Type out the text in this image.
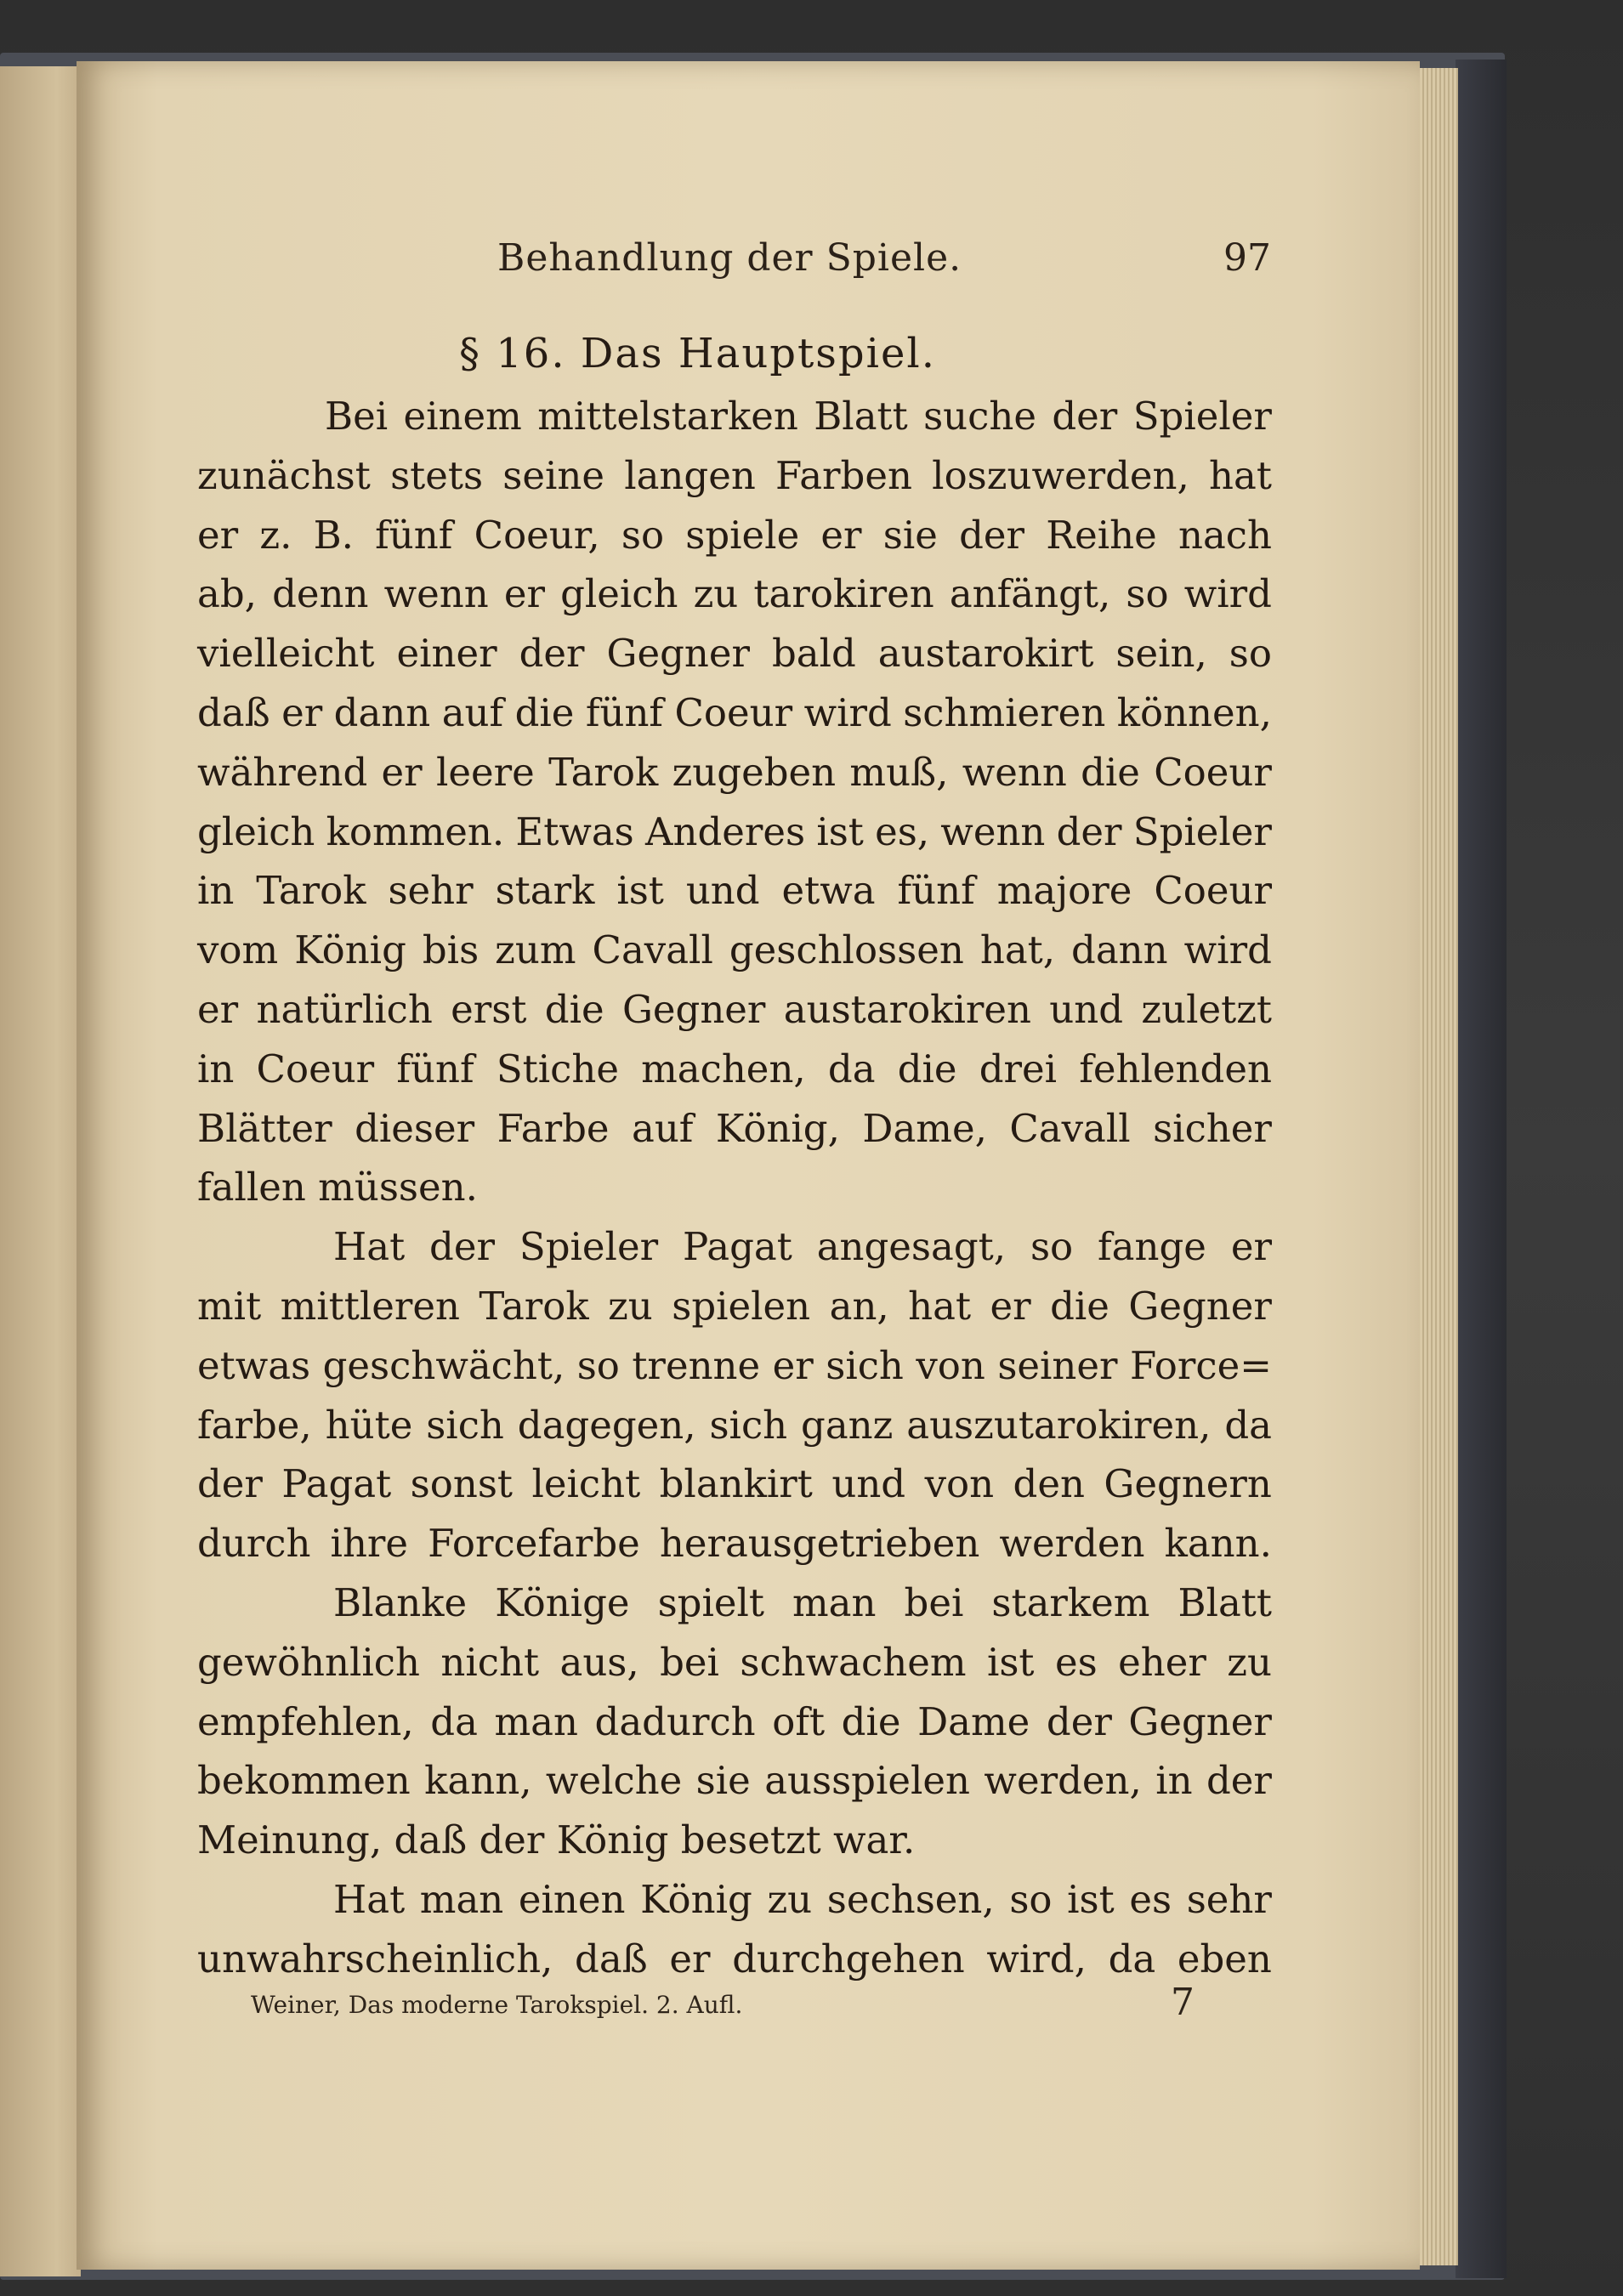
Behandlung der Spiele.	97
§ 16. Das Hauptspiel.
Bei einem mittelstarken Blatt suche der Spieler
zunächst stets seine langen Farben loszuwerden, hat
er z. B. fünf Coeur, so spiele er sie der Reihe nach
ab, denn wenn er gleich zu tarokiren anfängt, so wird
vielleicht einer der Gegner bald austarokirt sein, so
daß er dann auf die fünf Coeur wird schmieren können,
während er leere Tarok zugeben muß, wenn die Coeur
gleich kommen. Etwas Anderes ist es, wenn der Spieler
in Tarok sehr stark ist und etwa fünf majore Coeur
vom König bis zum Cavall geschlossen hat, dann wird
er natürlich erst die Gegner austarokiren und zuletzt
in Coeur fünf Stiche machen, da die drei fehlenden
Blätter dieser Farbe auf König, Dame, Cavall sicher
fallen müssen.
Hat der Spieler Pagat angesagt, so fange er
mit mittleren Tarok zu spielen an, hat er die Gegner
etwas geschwächt, so trenne er sich von seiner Force=
farbe, hüte sich dagegen, sich ganz auszutarokiren, da
der Pagat sonst leicht blankirt und von den Gegnern
durch ihre Forcefarbe herausgetrieben werden kann.
Blanke Könige spielt man bei starkem Blatt
gewöhnlich nicht aus, bei schwachem ist es eher zu
empfehlen, da man dadurch oft die Dame der Gegner
bekommen kann, welche sie ausspielen werden, in der
Meinung, daß der König besetzt war.
Hat man einen König zu sechsen, so ist es sehr
unwahrscheinlich, daß er durchgehen wird, da eben
Weiner, Das moderne Tarokspiel. 2. Aufl.	7
